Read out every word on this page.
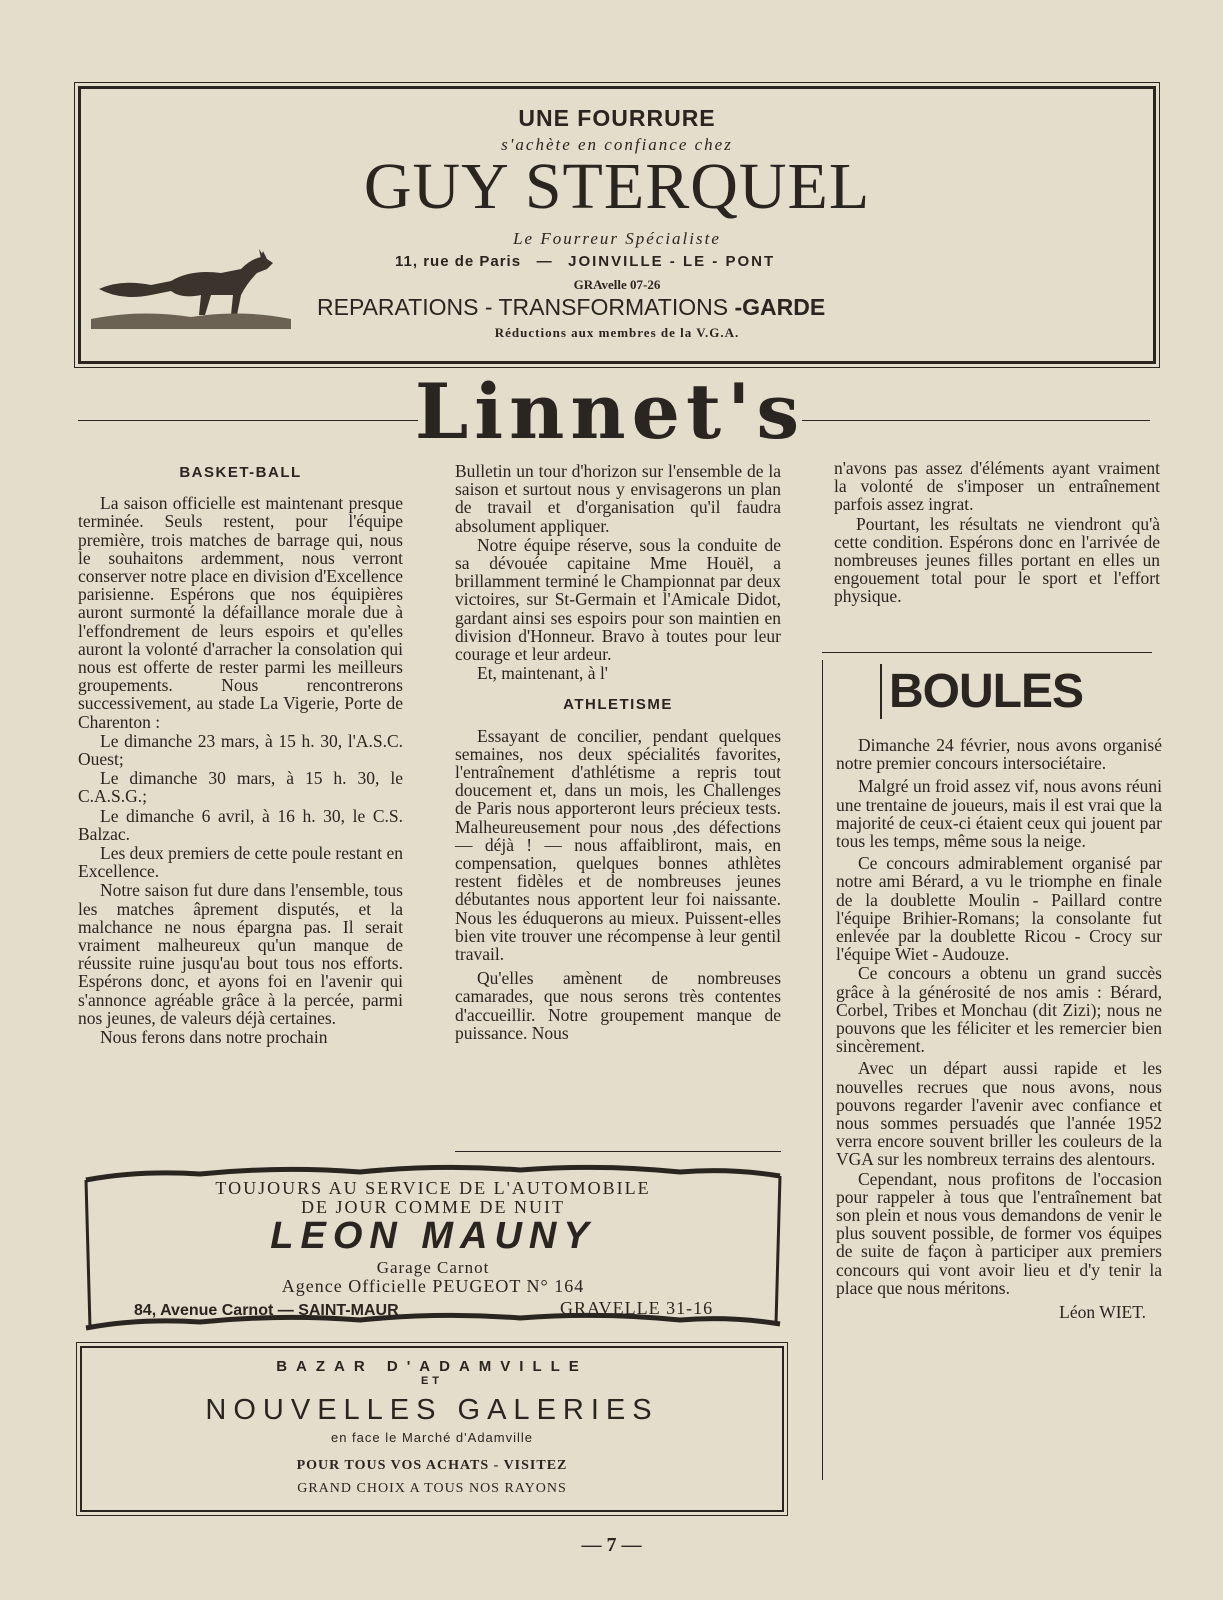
UNE FOURRURE
s'achète en confiance chez
GUY STERQUEL
Le Fourreur Spécialiste
11, rue de Paris — JOINVILLE - LE - PONT
GRAvelle 07-26
REPARATIONS - TRANSFORMATIONS -GARDE
Réductions aux membres de la V.G.A.
Linnet's
BASKET-BALL

La saison officielle est maintenant presque terminée. Seuls restent, pour l'équipe première, trois matches de barrage qui, nous le souhaitons ardemment, nous verront conserver notre place en division d'Excellence parisienne. Espérons que nos équipières auront surmonté la défaillance morale due à l'effondrement de leurs espoirs et qu'elles auront la volonté d'arracher la consolation qui nous est offerte de rester parmi les meilleurs groupements. Nous rencontrerons successivement, au stade La Vigerie, Porte de Charenton :

Le dimanche 23 mars, à 15 h. 30, l'A.S.C. Ouest;

Le dimanche 30 mars, à 15 h. 30, le C.A.S.G.;

Le dimanche 6 avril, à 16 h. 30, le C.S. Balzac.

Les deux premiers de cette poule restant en Excellence.

Notre saison fut dure dans l'ensemble, tous les matches âprement disputés, et la malchance ne nous épargna pas. Il serait vraiment malheureux qu'un manque de réussite ruine jusqu'au bout tous nos efforts. Espérons donc, et ayons foi en l'avenir qui s'annonce agréable grâce à la percée, parmi nos jeunes, de valeurs déjà certaines.

Nous ferons dans notre prochain

Bulletin un tour d'horizon sur l'ensemble de la saison et surtout nous y envisagerons un plan de travail et d'organisation qu'il faudra absolument appliquer.

Notre équipe réserve, sous la conduite de sa dévouée capitaine Mme Houël, a brillamment terminé le Championnat par deux victoires, sur St-Germain et l'Amicale Didot, gardant ainsi ses espoirs pour son maintien en division d'Honneur. Bravo à toutes pour leur courage et leur ardeur.

Et, maintenant, à l'

ATHLETISME

Essayant de concilier, pendant quelques semaines, nos deux spécialités favorites, l'entraînement d'athlétisme a repris tout doucement et, dans un mois, les Challenges de Paris nous apporteront leurs précieux tests. Malheureusement pour nous ,des défections — déjà ! — nous affaibliront, mais, en compensation, quelques bonnes athlètes restent fidèles et de nombreuses jeunes débutantes nous apportent leur foi naissante. Nous les éduquerons au mieux. Puissent-elles bien vite trouver une récompense à leur gentil travail.

Qu'elles amènent de nombreuses camarades, que nous serons très contentes d'accueillir. Notre groupement manque de puissance. Nous

n'avons pas assez d'éléments ayant vraiment la volonté de s'imposer un entraînement parfois assez ingrat.

Pourtant, les résultats ne viendront qu'à cette condition. Espérons donc en l'arrivée de nombreuses jeunes filles portant en elles un engouement total pour le sport et l'effort physique.

BOULES

Dimanche 24 février, nous avons organisé notre premier concours intersociétaire.

Malgré un froid assez vif, nous avons réuni une trentaine de joueurs, mais il est vrai que la majorité de ceux-ci étaient ceux qui jouent par tous les temps, même sous la neige.

Ce concours admirablement organisé par notre ami Bérard, a vu le triomphe en finale de la doublette Moulin - Paillard contre l'équipe Brihier-Romans; la consolante fut enlevée par la doublette Ricou - Crocy sur l'équipe Wiet - Audouze.

Ce concours a obtenu un grand succès grâce à la générosité de nos amis : Bérard, Corbel, Tribes et Monchau (dit Zizi); nous ne pouvons que les féliciter et les remercier bien sincèrement.

Avec un départ aussi rapide et les nouvelles recrues que nous avons, nous pouvons regarder l'avenir avec confiance et nous sommes persuadés que l'année 1952 verra encore souvent briller les couleurs de la VGA sur les nombreux terrains des alentours.

Cependant, nous profitons de l'occasion pour rappeler à tous que l'entraînement bat son plein et nous vous demandons de venir le plus souvent possible, de former vos équipes de suite de façon à participer aux premiers concours qui vont avoir lieu et d'y tenir la place que nous méritons.

Léon WIET.

TOUJOURS AU SERVICE DE L'AUTOMOBILE
DE JOUR COMME DE NUIT
LEON MAUNY
Garage Carnot
Agence Officielle PEUGEOT N° 164
84, Avenue Carnot — SAINT-MAUR	GRAVELLE 31-16
BAZAR D'ADAMVILLE
ET
NOUVELLES GALERIES
en face le Marché d'Adamville
POUR TOUS VOS ACHATS - VISITEZ
GRAND CHOIX A TOUS NOS RAYONS
— 7 —
